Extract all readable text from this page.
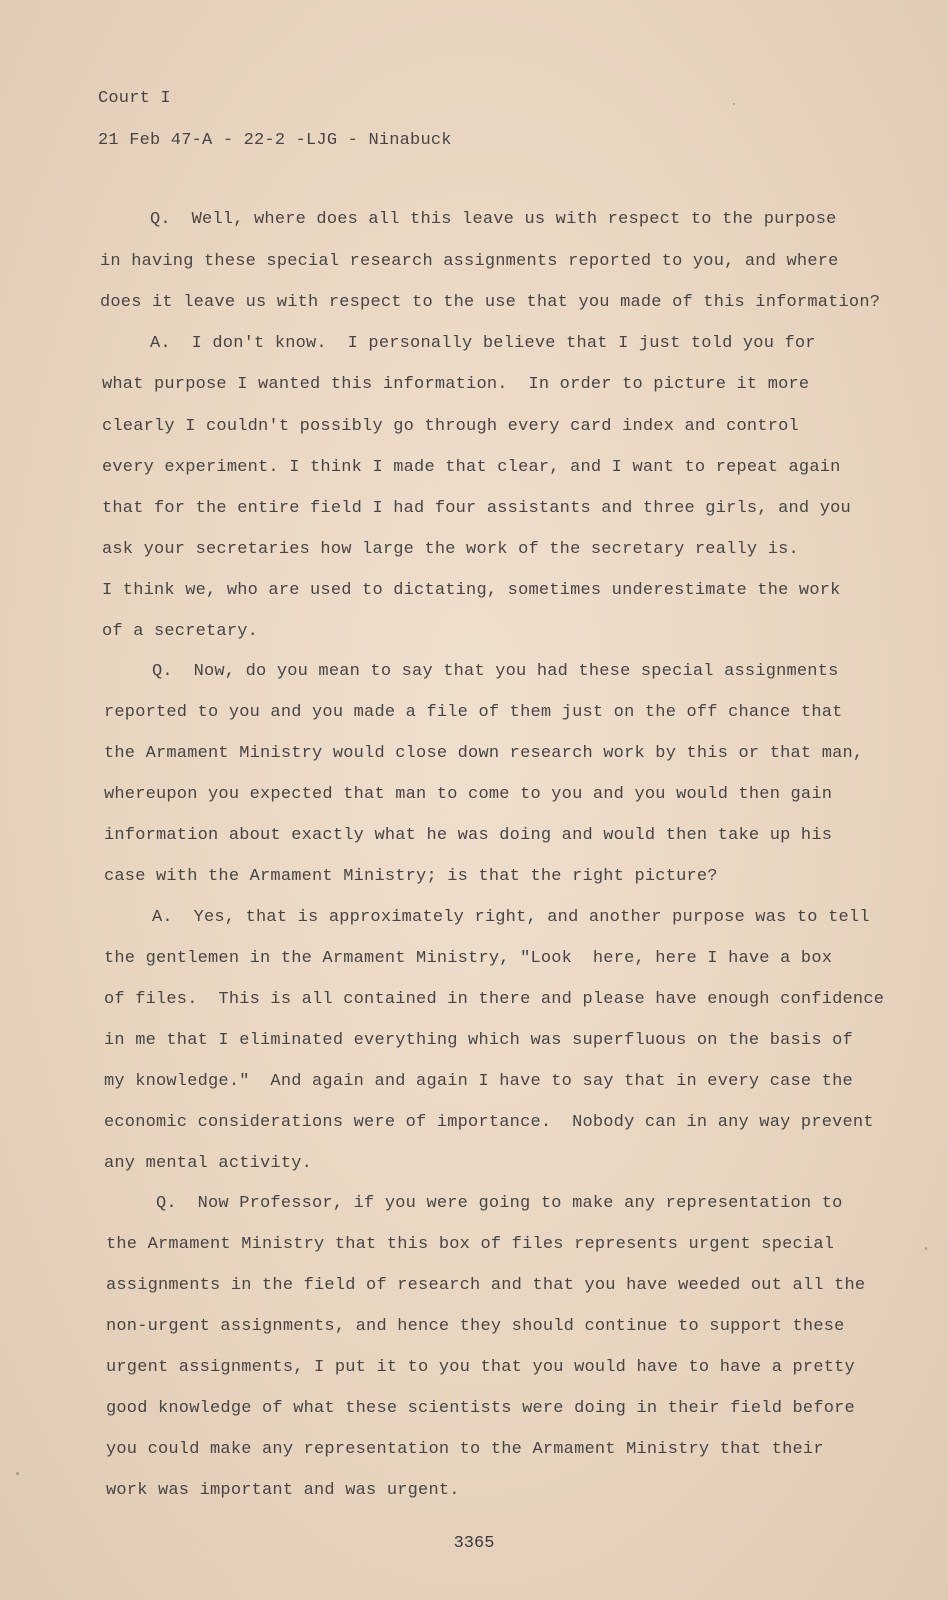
Court I
21 Feb 47-A - 22-2 -LJG - Ninabuck
Q.  Well, where does all this leave us with respect to the purpose
in having these special research assignments reported to you, and where
does it leave us with respect to the use that you made of this information?
A.  I don't know.  I personally believe that I just told you for
what purpose I wanted this information.  In order to picture it more
clearly I couldn't possibly go through every card index and control
every experiment. I think I made that clear, and I want to repeat again
that for the entire field I had four assistants and three girls, and you
ask your secretaries how large the work of the secretary really is.
I think we, who are used to dictating, sometimes underestimate the work
of a secretary.
Q.  Now, do you mean to say that you had these special assignments
reported to you and you made a file of them just on the off chance that
the Armament Ministry would close down research work by this or that man,
whereupon you expected that man to come to you and you would then gain
information about exactly what he was doing and would then take up his
case with the Armament Ministry; is that the right picture?
A.  Yes, that is approximately right, and another purpose was to tell
the gentlemen in the Armament Ministry, "Look  here, here I have a box
of files.  This is all contained in there and please have enough confidence
in me that I eliminated everything which was superfluous on the basis of
my knowledge."  And again and again I have to say that in every case the
economic considerations were of importance.  Nobody can in any way prevent
any mental activity.
Q.  Now Professor, if you were going to make any representation to
the Armament Ministry that this box of files represents urgent special
assignments in the field of research and that you have weeded out all the
non-urgent assignments, and hence they should continue to support these
urgent assignments, I put it to you that you would have to have a pretty
good knowledge of what these scientists were doing in their field before
you could make any representation to the Armament Ministry that their
work was important and was urgent.
3365
